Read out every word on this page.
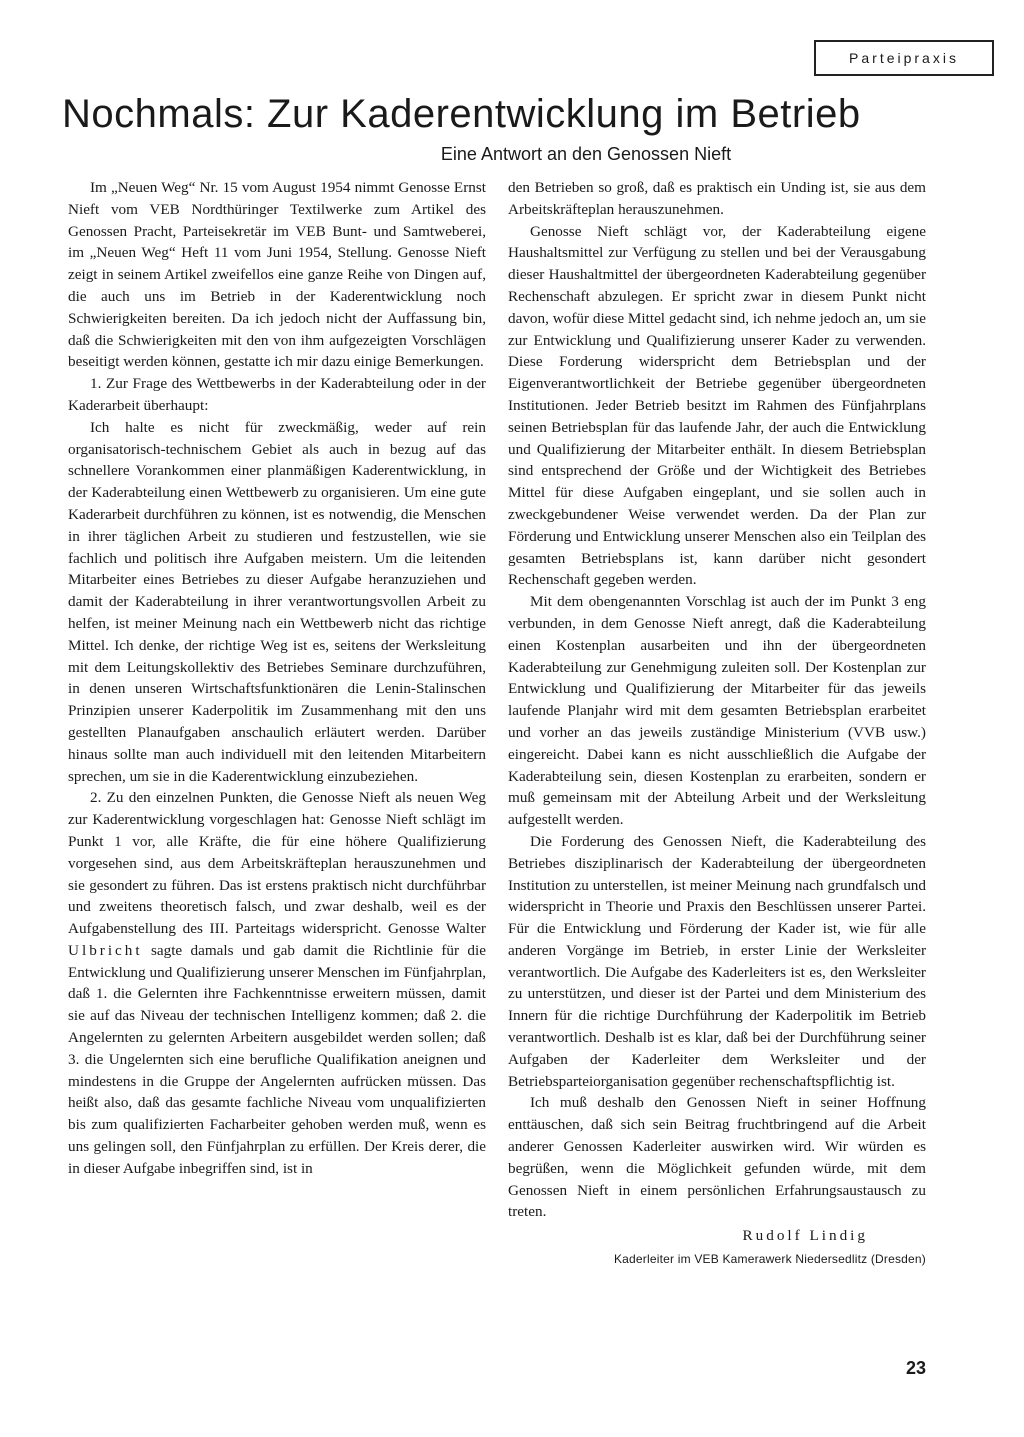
Parteipraxis
Nochmals: Zur Kaderentwicklung im Betrieb
Eine Antwort an den Genossen Nieft

Im „Neuen Weg“ Nr. 15 vom August 1954 nimmt Genosse Ernst Nieft vom VEB Nordthüringer Textilwerke zum Artikel des Genossen Pracht, Parteisekretär im VEB Bunt- und Samtweberei, im „Neuen Weg“ Heft 11 vom Juni 1954, Stellung. Genosse Nieft zeigt in seinem Artikel zweifellos eine ganze Reihe von Dingen auf, die auch uns im Betrieb in der Kaderentwicklung noch Schwierigkeiten bereiten. Da ich jedoch nicht der Auffassung bin, daß die Schwierigkeiten mit den von ihm aufgezeigten Vorschlägen beseitigt werden können, gestatte ich mir dazu einige Bemerkungen.

1. Zur Frage des Wettbewerbs in der Kaderabteilung oder in der Kaderarbeit überhaupt:

Ich halte es nicht für zweckmäßig, weder auf rein organisatorisch-technischem Gebiet als auch in bezug auf das schnellere Vorankommen einer planmäßigen Kaderentwicklung, in der Kaderabteilung einen Wettbewerb zu organisieren. Um eine gute Kaderarbeit durchführen zu können, ist es notwendig, die Menschen in ihrer täglichen Arbeit zu studieren und festzustellen, wie sie fachlich und politisch ihre Aufgaben meistern. Um die leitenden Mitarbeiter eines Betriebes zu dieser Aufgabe heranzuziehen und damit der Kaderabteilung in ihrer verantwortungsvollen Arbeit zu helfen, ist meiner Meinung nach ein Wettbewerb nicht das richtige Mittel. Ich denke, der richtige Weg ist es, seitens der Werksleitung mit dem Leitungskollektiv des Betriebes Seminare durchzuführen, in denen unseren Wirtschaftsfunktionären die Lenin-Stalinschen Prinzipien unserer Kaderpolitik im Zusammenhang mit den uns gestellten Planaufgaben anschaulich erläutert werden. Darüber hinaus sollte man auch individuell mit den leitenden Mitarbeitern sprechen, um sie in die Kaderentwicklung einzubeziehen.

2. Zu den einzelnen Punkten, die Genosse Nieft als neuen Weg zur Kaderentwicklung vorgeschlagen hat: Genosse Nieft schlägt im Punkt 1 vor, alle Kräfte, die für eine höhere Qualifizierung vorgesehen sind, aus dem Arbeitskräfteplan herauszunehmen und sie gesondert zu führen. Das ist erstens praktisch nicht durchführbar und zweitens theoretisch falsch, und zwar deshalb, weil es der Aufgabenstellung des III. Parteitags widerspricht. Genosse Walter Ulbricht sagte damals und gab damit die Richtlinie für die Entwicklung und Qualifizierung unserer Menschen im Fünfjahrplan, daß 1. die Gelernten ihre Fachkenntnisse erweitern müssen, damit sie auf das Niveau der technischen Intelligenz kommen; daß 2. die Angelernten zu gelernten Arbeitern ausgebildet werden sollen; daß 3. die Ungelernten sich eine berufliche Qualifikation aneignen und mindestens in die Gruppe der Angelernten aufrücken müssen. Das heißt also, daß das gesamte fachliche Niveau vom unqualifizierten bis zum qualifizierten Facharbeiter gehoben werden muß, wenn es uns gelingen soll, den Fünfjahrplan zu erfüllen. Der Kreis derer, die in dieser Aufgabe inbegriffen sind, ist in

den Betrieben so groß, daß es praktisch ein Unding ist, sie aus dem Arbeitskräfteplan herauszunehmen.

Genosse Nieft schlägt vor, der Kaderabteilung eigene Haushaltsmittel zur Verfügung zu stellen und bei der Verausgabung dieser Haushaltmittel der übergeordneten Kaderabteilung gegenüber Rechenschaft abzulegen. Er spricht zwar in diesem Punkt nicht davon, wofür diese Mittel gedacht sind, ich nehme jedoch an, um sie zur Entwicklung und Qualifizierung unserer Kader zu verwenden. Diese Forderung widerspricht dem Betriebsplan und der Eigenverantwortlichkeit der Betriebe gegenüber übergeordneten Institutionen. Jeder Betrieb besitzt im Rahmen des Fünfjahrplans seinen Betriebsplan für das laufende Jahr, der auch die Entwicklung und Qualifizierung der Mitarbeiter enthält. In diesem Betriebsplan sind entsprechend der Größe und der Wichtigkeit des Betriebes Mittel für diese Aufgaben eingeplant, und sie sollen auch in zweckgebundener Weise verwendet werden. Da der Plan zur Förderung und Entwicklung unserer Menschen also ein Teilplan des gesamten Betriebsplans ist, kann darüber nicht gesondert Rechenschaft gegeben werden.

Mit dem obengenannten Vorschlag ist auch der im Punkt 3 eng verbunden, in dem Genosse Nieft anregt, daß die Kaderabteilung einen Kostenplan ausarbeiten und ihn der übergeordneten Kaderabteilung zur Genehmigung zuleiten soll. Der Kostenplan zur Entwicklung und Qualifizierung der Mitarbeiter für das jeweils laufende Planjahr wird mit dem gesamten Betriebsplan erarbeitet und vorher an das jeweils zuständige Ministerium (VVB usw.) eingereicht. Dabei kann es nicht ausschließlich die Aufgabe der Kaderabteilung sein, diesen Kostenplan zu erarbeiten, sondern er muß gemeinsam mit der Abteilung Arbeit und der Werksleitung aufgestellt werden.

Die Forderung des Genossen Nieft, die Kaderabteilung des Betriebes disziplinarisch der Kaderabteilung der übergeordneten Institution zu unterstellen, ist meiner Meinung nach grundfalsch und widerspricht in Theorie und Praxis den Beschlüssen unserer Partei. Für die Entwicklung und Förderung der Kader ist, wie für alle anderen Vorgänge im Betrieb, in erster Linie der Werksleiter verantwortlich. Die Aufgabe des Kaderleiters ist es, den Werksleiter zu unterstützen, und dieser ist der Partei und dem Ministerium des Innern für die richtige Durchführung der Kaderpolitik im Betrieb verantwortlich. Deshalb ist es klar, daß bei der Durchführung seiner Aufgaben der Kaderleiter dem Werksleiter und der Betriebsparteiorganisation gegenüber rechenschaftspflichtig ist.

Ich muß deshalb den Genossen Nieft in seiner Hoffnung enttäuschen, daß sich sein Beitrag fruchtbringend auf die Arbeit anderer Genossen Kaderleiter auswirken wird. Wir würden es begrüßen, wenn die Möglichkeit gefunden würde, mit dem Genossen Nieft in einem persönlichen Erfahrungsaustausch zu treten.

Rudolf Lindig
Kaderleiter im VEB Kamerawerk Niedersedlitz (Dresden)
23
